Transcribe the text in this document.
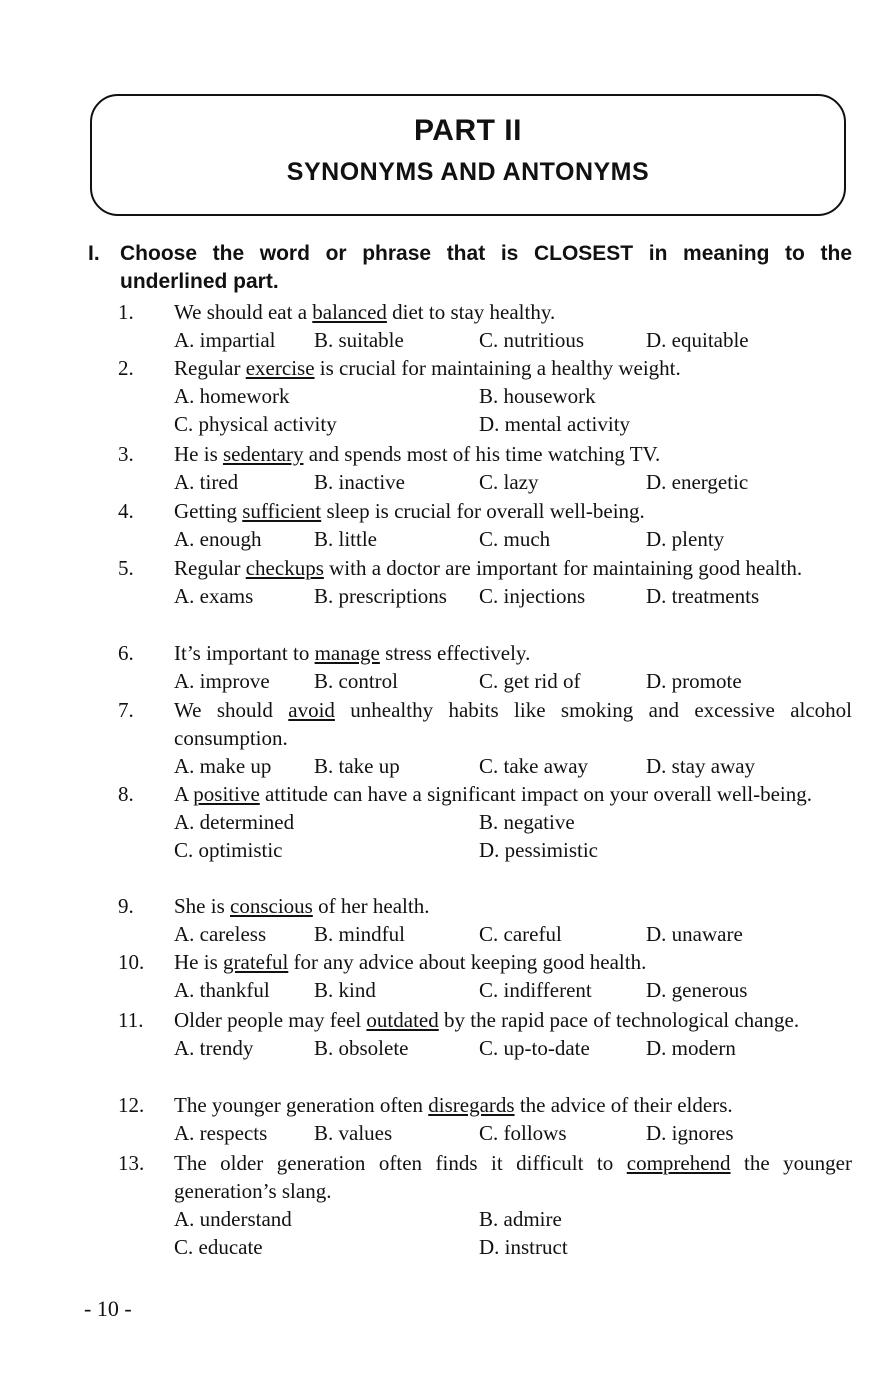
PART II
SYNONYMS AND ANTONYMS
I. Choose the word or phrase that is CLOSEST in meaning to the underlined part.
1.	We should eat a balanced diet to stay healthy.
A. impartial B. suitable	C. nutritious	D. equitable
2.	Regular exercise is crucial for maintaining a healthy weight.
A. homework	B. housework
C. physical activity	D. mental activity
3.	He is sedentary and spends most of his time watching TV.
A. tired	B. inactive	C. lazy	D. energetic
4.	Getting sufficient sleep is crucial for overall well-being.
A. enough	B. little	C. much	D. plenty
5.	Regular checkups with a doctor are important for maintaining good health.
A. exams	B. prescriptions C. injections	D. treatments
6.	It’s important to manage stress effectively.
A. improve B. control	C. get rid of	D. promote
7.	We should avoid unhealthy habits like smoking and excessive alcohol consumption.
A. make up B. take up	C. take away	D. stay away
8.	A positive attitude can have a significant impact on your overall well-being.
A. determined	B. negative
C. optimistic	D. pessimistic
9.	She is conscious of her health.
A. careless B. mindful	C. careful	D. unaware
10.	He is grateful for any advice about keeping good health.
A. thankful B. kind	C. indifferent	D. generous
11.	Older people may feel outdated by the rapid pace of technological change.
A. trendy	B. obsolete	C. up-to-date	D. modern
12.	The younger generation often disregards the advice of their elders.
A. respects B. values	C. follows	D. ignores
13.	The older generation often finds it difficult to comprehend the younger generation’s slang.
A. understand	B. admire
C. educate	D. instruct
- 10 -
